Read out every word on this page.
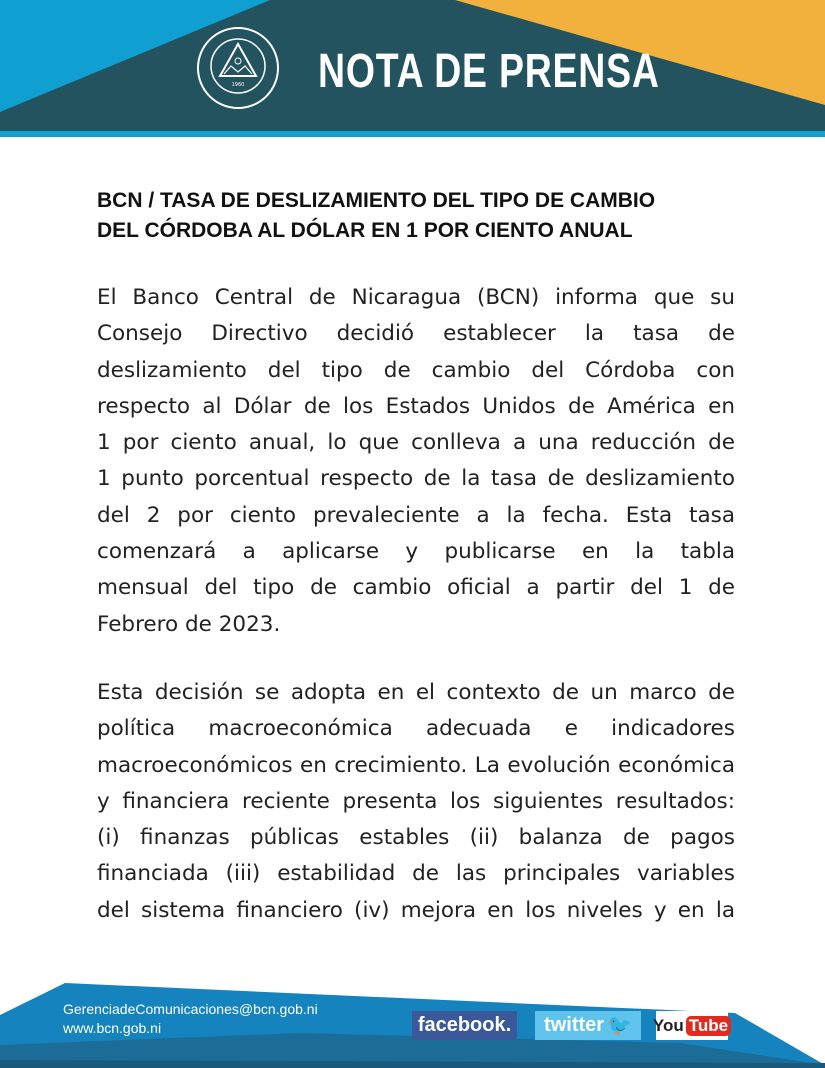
1960 NOTA DE PRENSA
BCN / TASA DE DESLIZAMIENTO DEL TIPO DE CAMBIO
DEL CÓRDOBA AL DÓLAR EN 1 POR CIENTO ANUAL
El Banco Central de Nicaragua (BCN) informa que su
Consejo Directivo decidió establecer la tasa de
deslizamiento del tipo de cambio del Córdoba con
respecto al Dólar de los Estados Unidos de América en
1 por ciento anual, lo que conlleva a una reducción de
1 punto porcentual respecto de la tasa de deslizamiento
del 2 por ciento prevaleciente a la fecha. Esta tasa
comenzará a aplicarse y publicarse en la tabla
mensual del tipo de cambio oficial a partir del 1 de
Febrero de 2023.
Esta decisión se adopta en el contexto de un marco de
política macroeconómica adecuada e indicadores
macroeconómicos en crecimiento. La evolución económica
y financiera reciente presenta los siguientes resultados:
(i) finanzas públicas estables (ii) balanza de pagos
financiada (iii) estabilidad de las principales variables
del sistema financiero (iv) mejora en los niveles y en la
GerenciadeComunicaciones@bcn.gob.ni
www.bcn.gob.ni	facebook. twitter 🐦 You Tube
